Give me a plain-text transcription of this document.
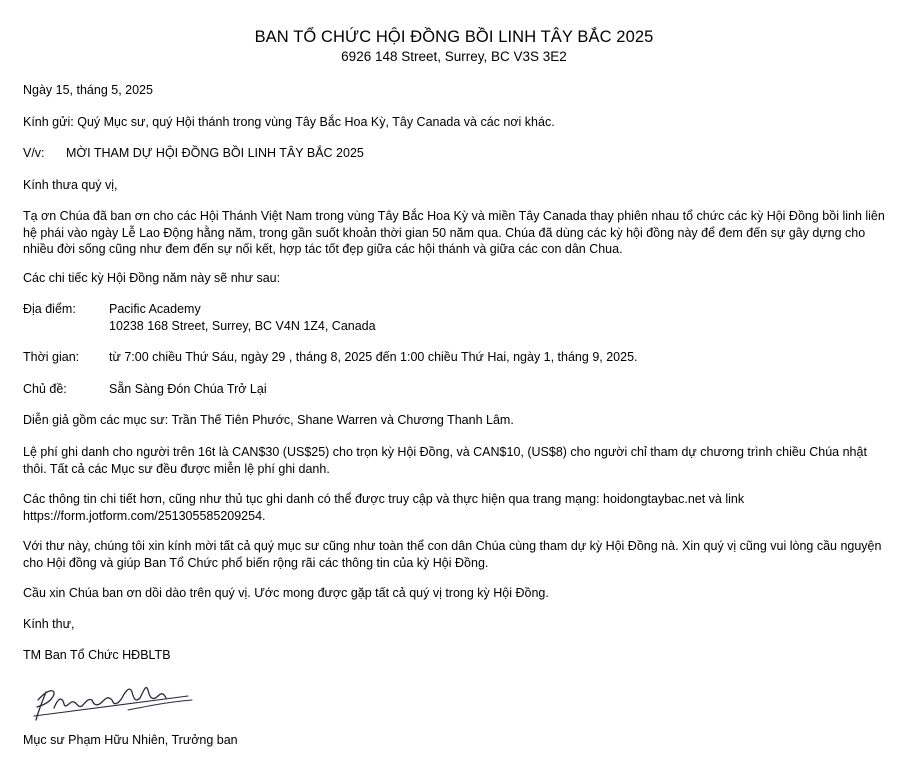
BAN TỔ CHỨC HỘI ĐỒNG BỒI LINH TÂY BẮC 2025
6926 148 Street, Surrey, BC V3S 3E2

Ngày 15, tháng 5, 2025

Kính gửi: Quý Mục sư, quý Hội thánh trong vùng Tây Bắc Hoa Kỳ, Tây Canada và các nơi khác.

V/v:	MỜI THAM DỰ HỘI ĐỒNG BỒI LINH TÂY BẮC 2025

Kính thưa quý vị,

Tạ ơn Chúa đã ban ơn cho các Hội Thánh Việt Nam trong vùng Tây Bắc Hoa Kỳ và miền Tây Canada thay phiên nhau tổ chức các kỳ Hội Đồng bồi linh liên hệ phái vào ngày Lễ Lao Động hằng năm, trong gần suốt khoản thời gian 50 năm qua. Chúa đã dùng các kỳ hội đồng này để đem đến sự gây dựng cho nhiều đời sống cũng như đem đến sự nối kết, hợp tác tốt đẹp giữa các hội thánh và giữa các con dân Chua.

Các chi tiếc kỳ Hội Đồng năm này sẽ như sau:

Địa điểm:	Pacific Academy
10238 168 Street, Surrey, BC V4N 1Z4, Canada
Thời gian:	từ 7:00 chiều Thứ Sáu, ngày 29 , tháng 8, 2025 đến 1:00 chiều Thứ Hai, ngày 1, tháng 9, 2025.
Chủ đề:	Sẵn Sàng Đón Chúa Trở Lại

Diễn giả gồm các mục sư: Trần Thế Tiên Phước, Shane Warren và Chương Thanh Lâm.

Lệ phí ghi danh cho người trên 16t là CAN$30 (US$25) cho trọn kỳ Hội Đồng, và CAN$10, (US$8) cho người chỉ tham dự chương trình chiều Chúa nhật thôi. Tất cả các Mục sư đều được miễn lệ phí ghi danh.

Các thông tin chi tiết hơn, cũng như thủ tục ghi danh có thể được truy cập và thực hiện qua trang mạng: hoidongtaybac.net và link https://form.jotform.com/251305585209254.

Với thư này, chúng tôi xin kính mời tất cả quý mục sư cũng như toàn thể con dân Chúa cùng tham dự kỳ Hội Đồng nà. Xin quý vị cũng vui lòng cầu nguyện cho Hội đồng và giúp Ban Tổ Chức phổ biến rộng rãi các thông tin của kỳ Hội Đồng.

Cầu xin Chúa ban ơn dồi dào trên quý vị. Ước mong được gặp tất cả quý vị trong kỳ Hội Đồng.

Kính thư,

TM Ban Tổ Chức HĐBLTB

Mục sư Phạm Hữu Nhiên, Trưởng ban
